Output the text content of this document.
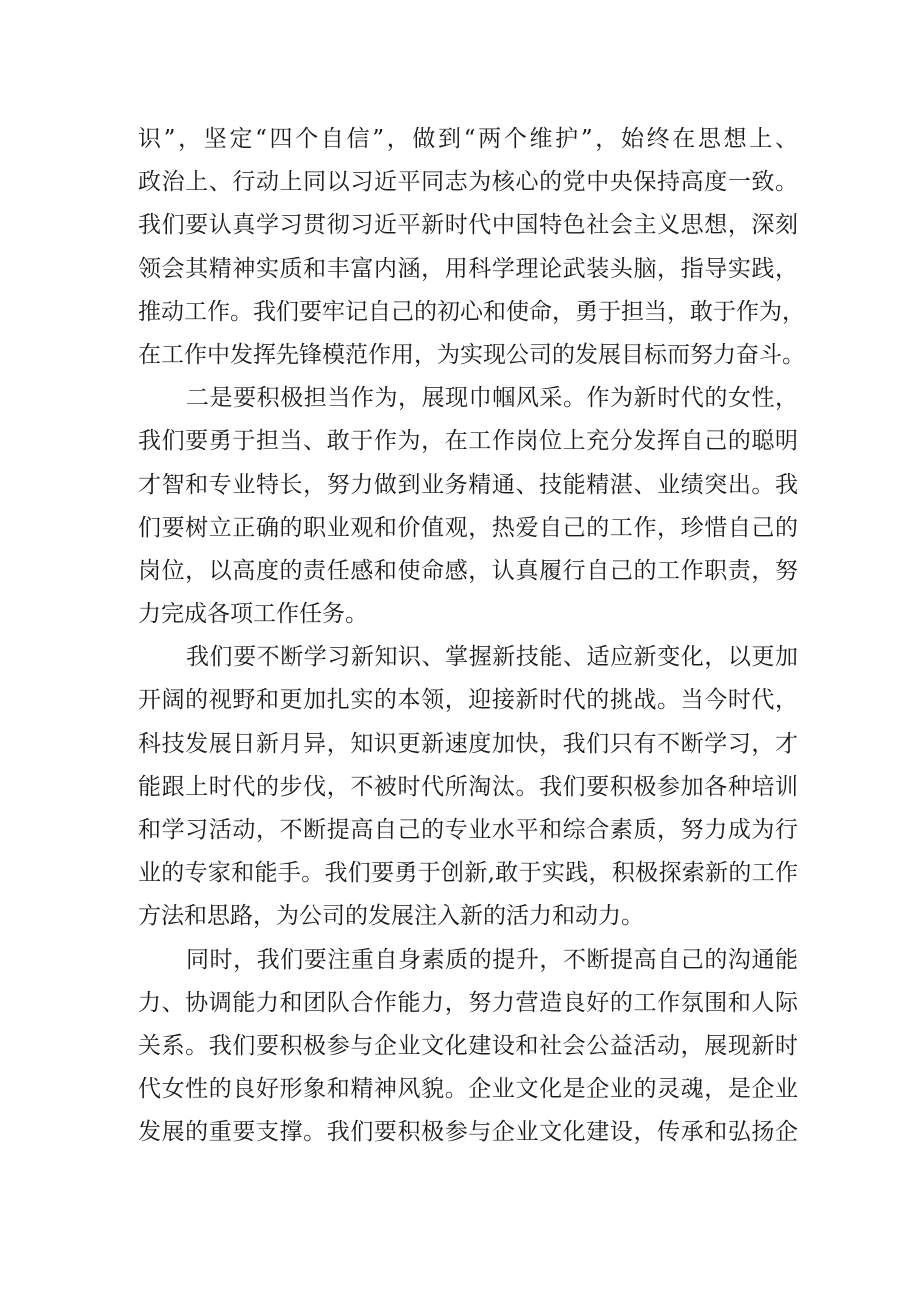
识”，坚定“四个自信”，做到“两个维护”，始终在思想上、
政治上、行动上同以习近平同志为核心的党中央保持高度一致。
我们要认真学习贯彻习近平新时代中国特色社会主义思想，深刻
领会其精神实质和丰富内涵，用科学理论武装头脑，指导实践，
推动工作。我们要牢记自己的初心和使命，勇于担当，敢于作为，
在工作中发挥先锋模范作用，为实现公司的发展目标而努力奋斗。
二是要积极担当作为，展现巾帼风采。作为新时代的女性，
我们要勇于担当、敢于作为，在工作岗位上充分发挥自己的聪明
才智和专业特长，努力做到业务精通、技能精湛、业绩突出。我
们要树立正确的职业观和价值观，热爱自己的工作，珍惜自己的
岗位，以高度的责任感和使命感，认真履行自己的工作职责，努
力完成各项工作任务。
我们要不断学习新知识、掌握新技能、适应新变化，以更加
开阔的视野和更加扎实的本领，迎接新时代的挑战。当今时代，
科技发展日新月异，知识更新速度加快，我们只有不断学习，才
能跟上时代的步伐，不被时代所淘汰。我们要积极参加各种培训
和学习活动，不断提高自己的专业水平和综合素质，努力成为行
业的专家和能手。我们要勇于创新,敢于实践，积极探索新的工作
方法和思路，为公司的发展注入新的活力和动力。
同时，我们要注重自身素质的提升，不断提高自己的沟通能
力、协调能力和团队合作能力，努力营造良好的工作氛围和人际
关系。我们要积极参与企业文化建设和社会公益活动，展现新时
代女性的良好形象和精神风貌。企业文化是企业的灵魂，是企业
发展的重要支撑。我们要积极参与企业文化建设，传承和弘扬企
